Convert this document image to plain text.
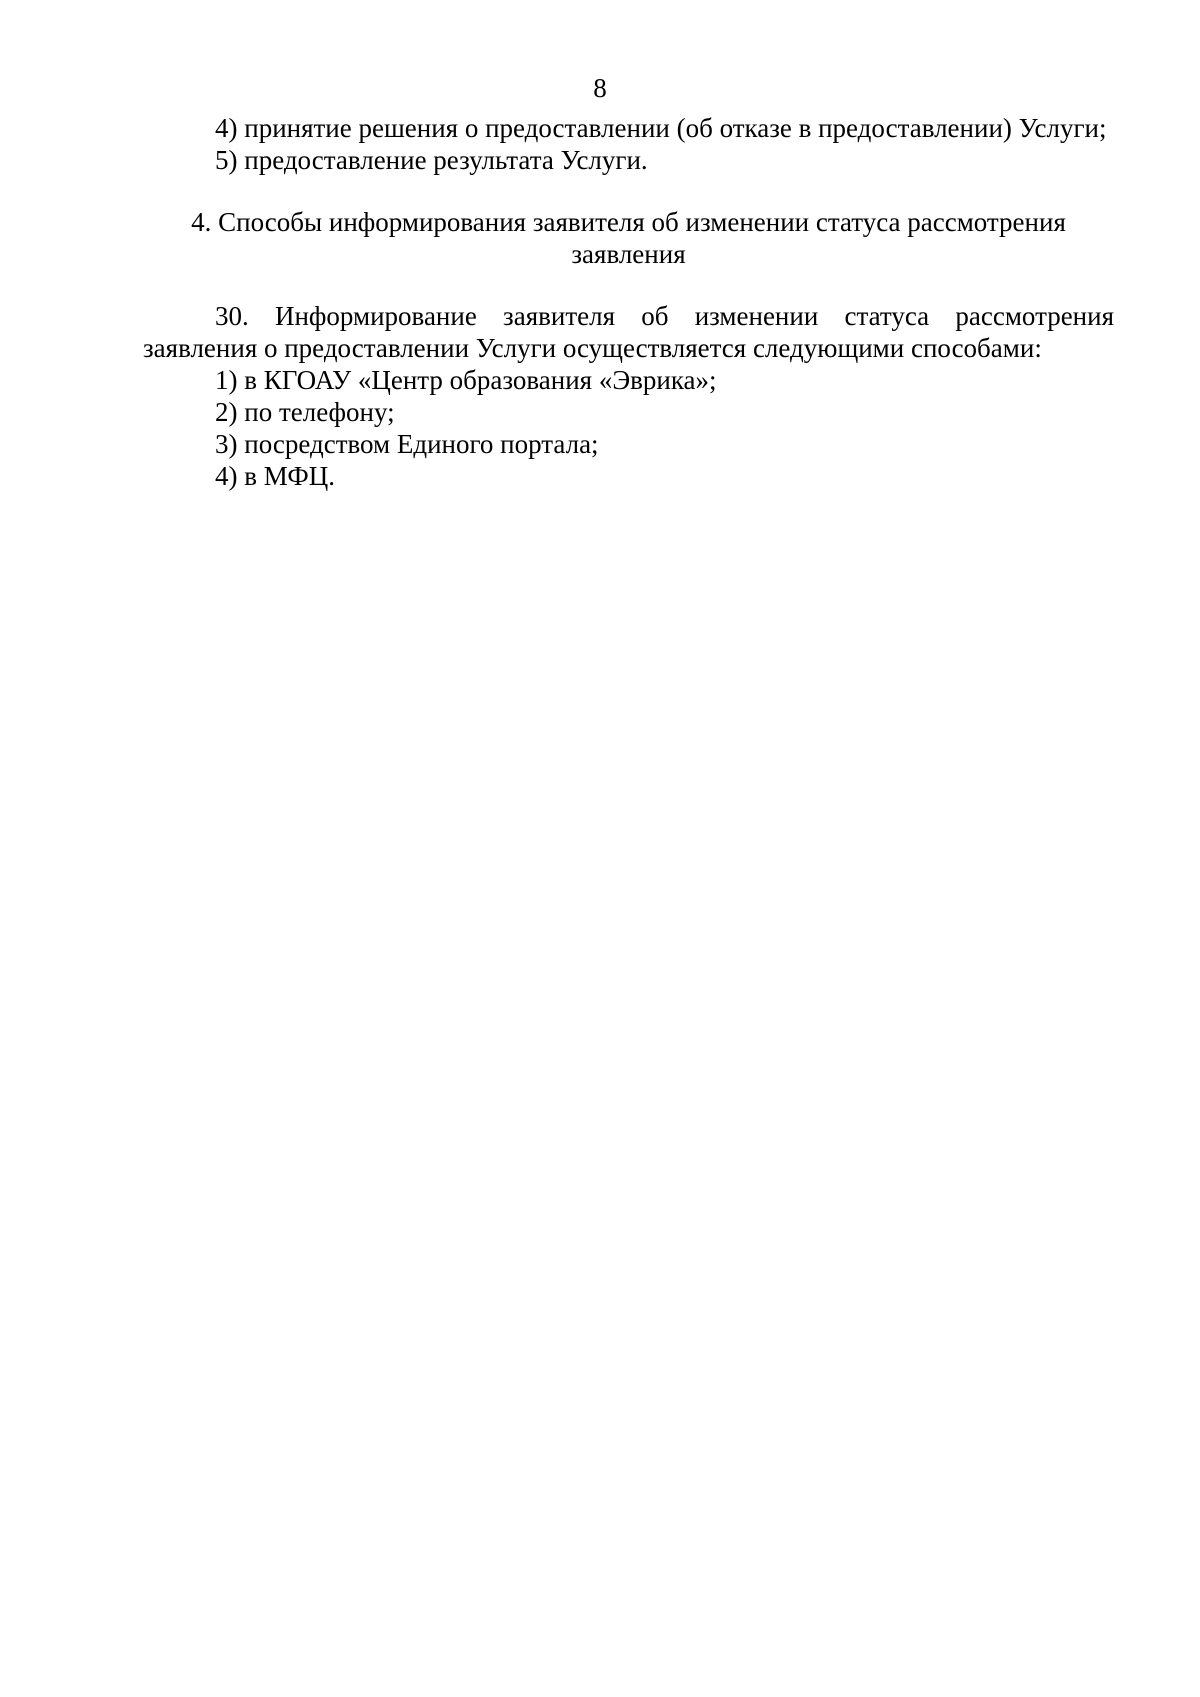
8

4) принятие решения о предоставлении (об отказе в предоставлении) Услуги;

5) предоставление результата Услуги.

4. Способы информирования заявителя об изменении статуса рассмотрения заявления

30. Информирование заявителя об изменении статуса рассмотрения заявления о предоставлении Услуги осуществляется следующими способами:

1) в КГОАУ «Центр образования «Эврика»;

2) по телефону;

3) посредством Единого портала;

4) в МФЦ.
